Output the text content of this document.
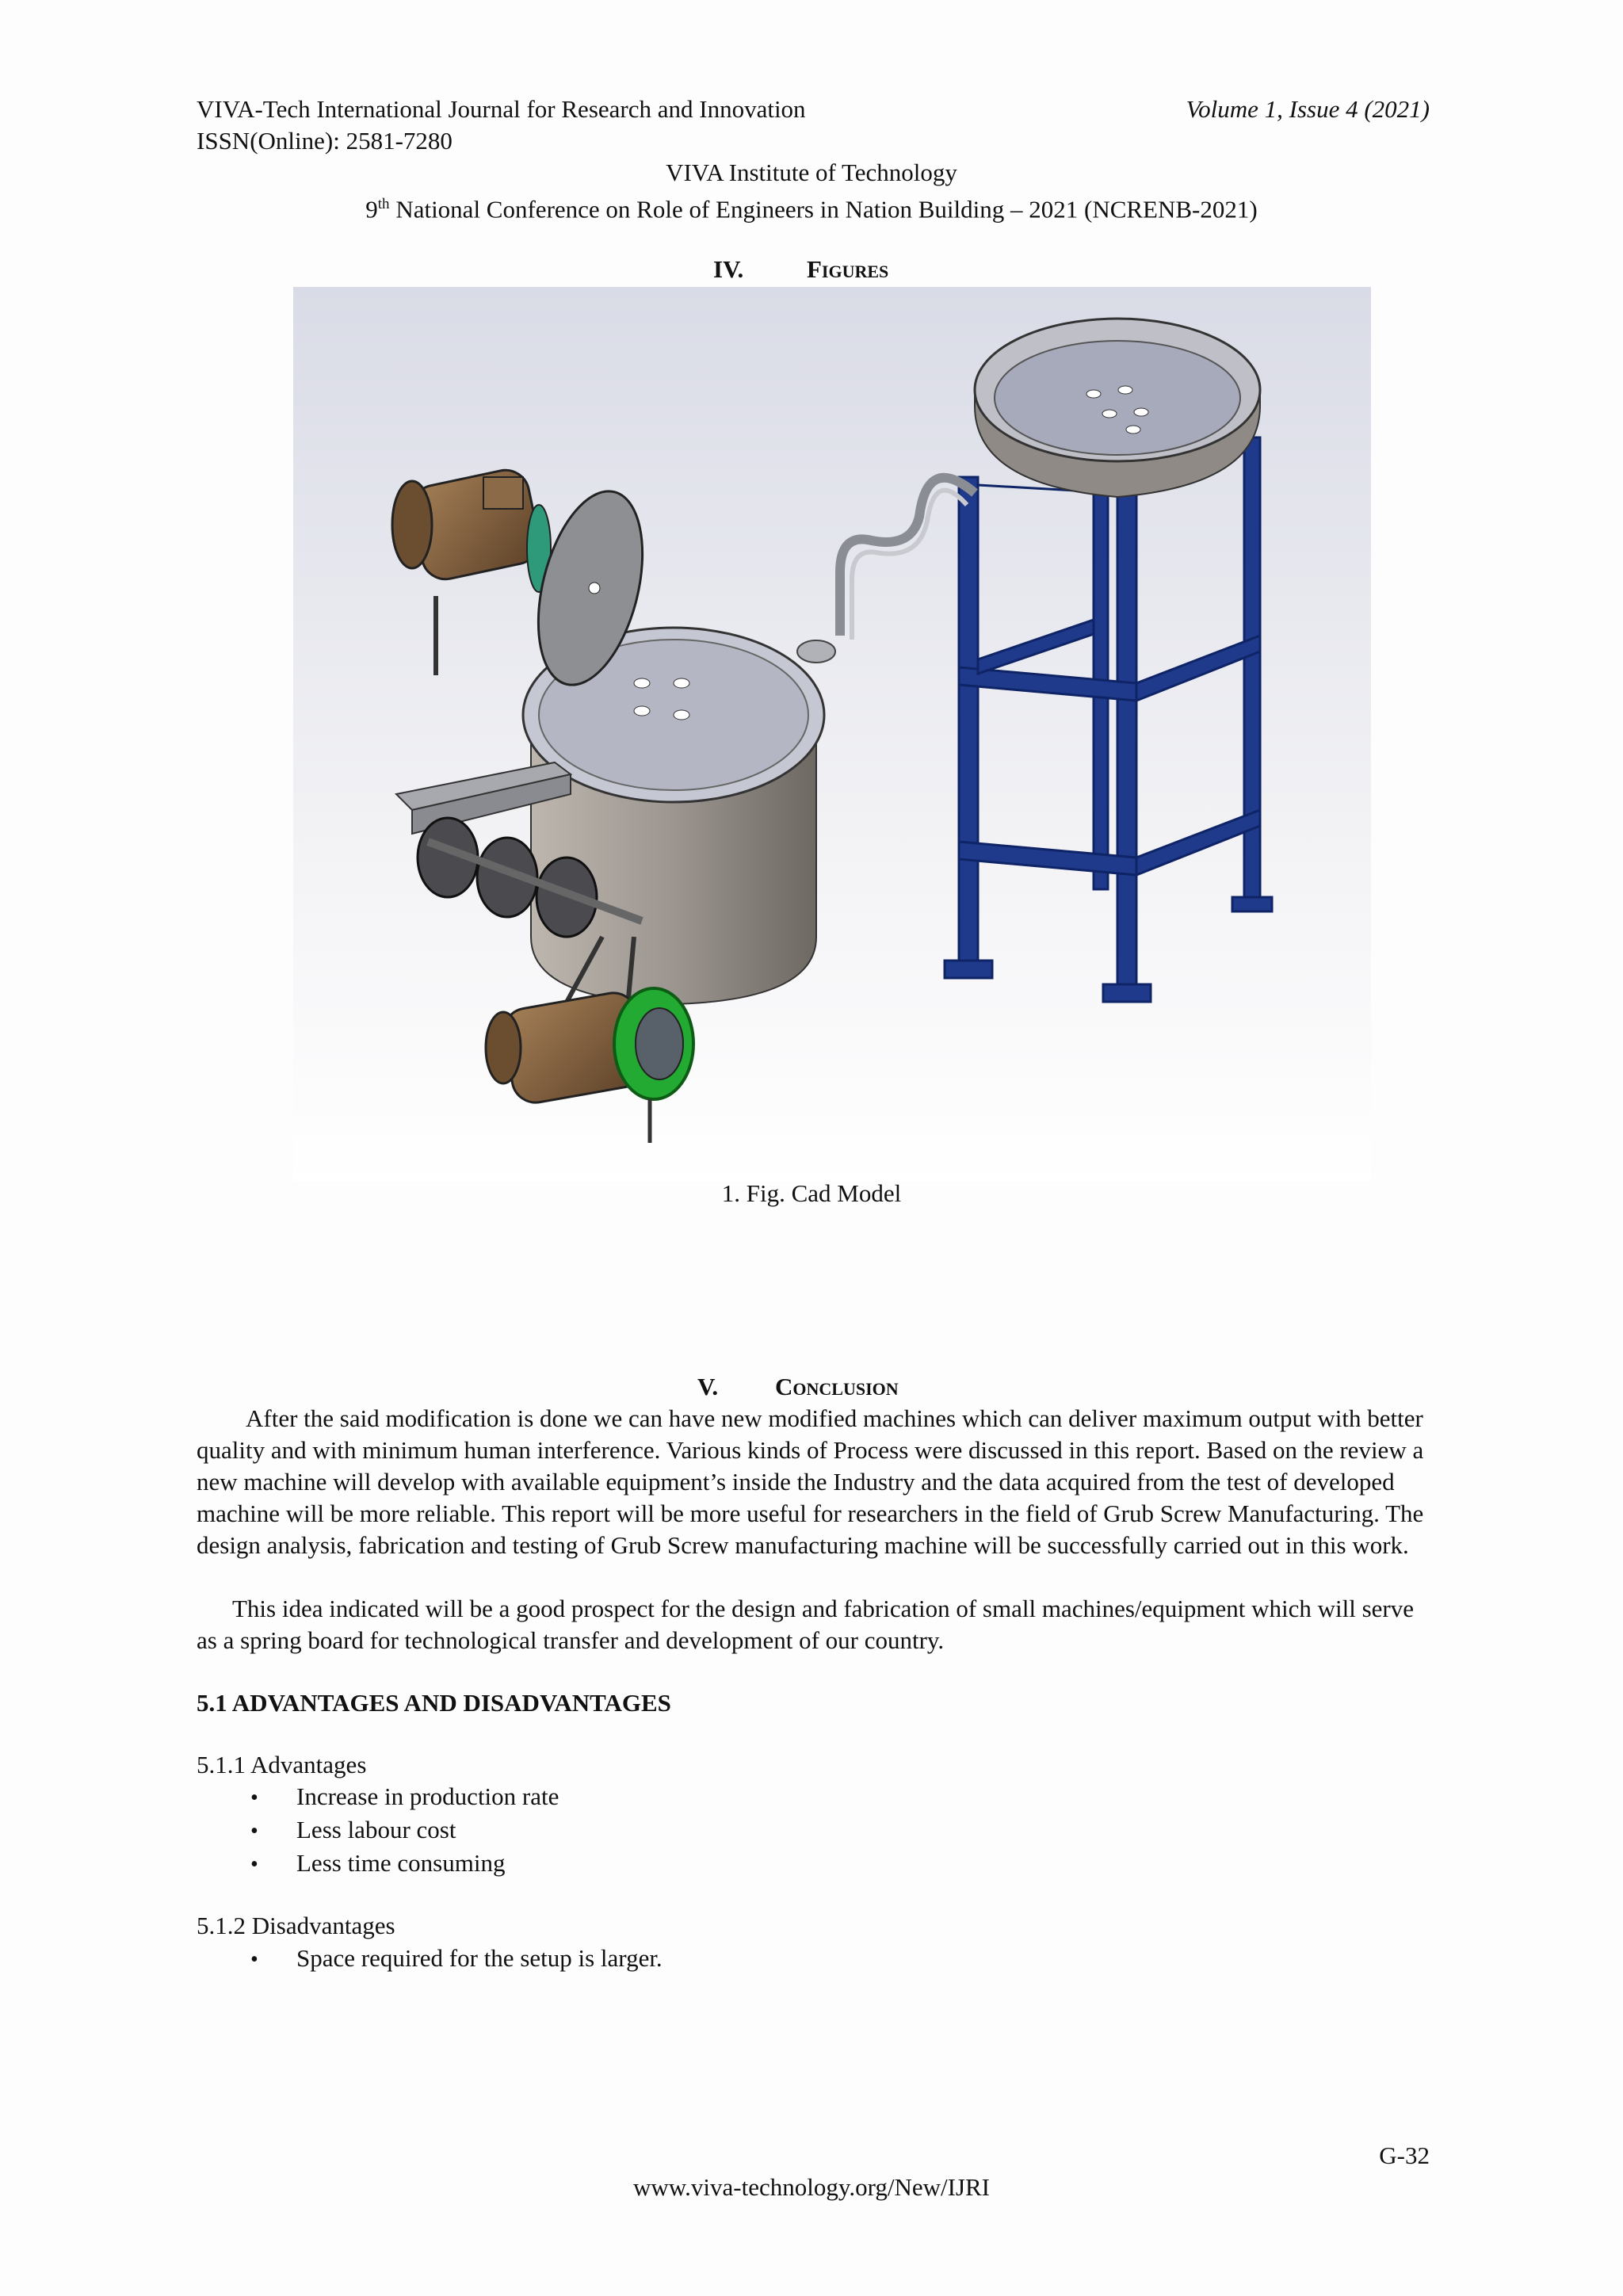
VIVA-Tech International Journal for Research and Innovation
ISSN(Online): 2581-7280
Volume 1, Issue 4 (2021)
VIVA Institute of Technology
9th National Conference on Role of Engineers in Nation Building – 2021 (NCRENB-2021)
IV.	Figures
1. Fig. Cad Model
V. Conclusion
After the said modification is done we can have new modified machines which can deliver maximum output with better quality and with minimum human interference. Various kinds of Process were discussed in this report. Based on the review a new machine will develop with available equipment’s inside the Industry and the data acquired from the test of developed machine will be more reliable. This report will be more useful for researchers in the field of Grub Screw Manufacturing. The design analysis, fabrication and testing of Grub Screw manufacturing machine will be successfully carried out in this work.
This idea indicated will be a good prospect for the design and fabrication of small machines/equipment which will serve as a spring board for technological transfer and development of our country.
5.1 ADVANTAGES AND DISADVANTAGES
5.1.1 Advantages
• Increase in production rate
• Less labour cost
• Less time consuming
5.1.2 Disadvantages
• Space required for the setup is larger.
G-32
www.viva-technology.org/New/IJRI
